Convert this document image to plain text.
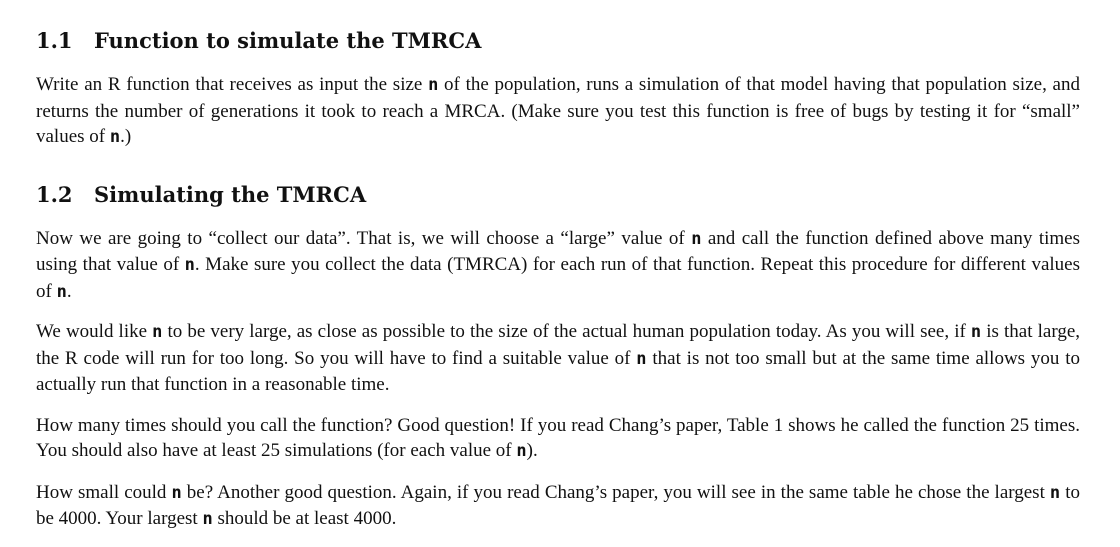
1.1 Function to simulate the TMRCA

Write an R function that receives as input the size n of the population, runs a simulation of that model having that population size, and returns the number of generations it took to reach a MRCA. (Make sure you test this function is free of bugs by testing it for “small” values of n.)

1.2 Simulating the TMRCA

Now we are going to “collect our data”. That is, we will choose a “large” value of n and call the function defined above many times using that value of n. Make sure you collect the data (TMRCA) for each run of that function. Repeat this procedure for different values of n.

We would like n to be very large, as close as possible to the size of the actual human population today. As you will see, if n is that large, the R code will run for too long. So you will have to find a suitable value of n that is not too small but at the same time allows you to actually run that function in a reasonable time.

How many times should you call the function? Good question! If you read Chang’s paper, Table 1 shows he called the function 25 times. You should also have at least 25 simulations (for each value of n).

How small could n be? Another good question. Again, if you read Chang’s paper, you will see in the same table he chose the largest n to be 4000. Your largest n should be at least 4000.
